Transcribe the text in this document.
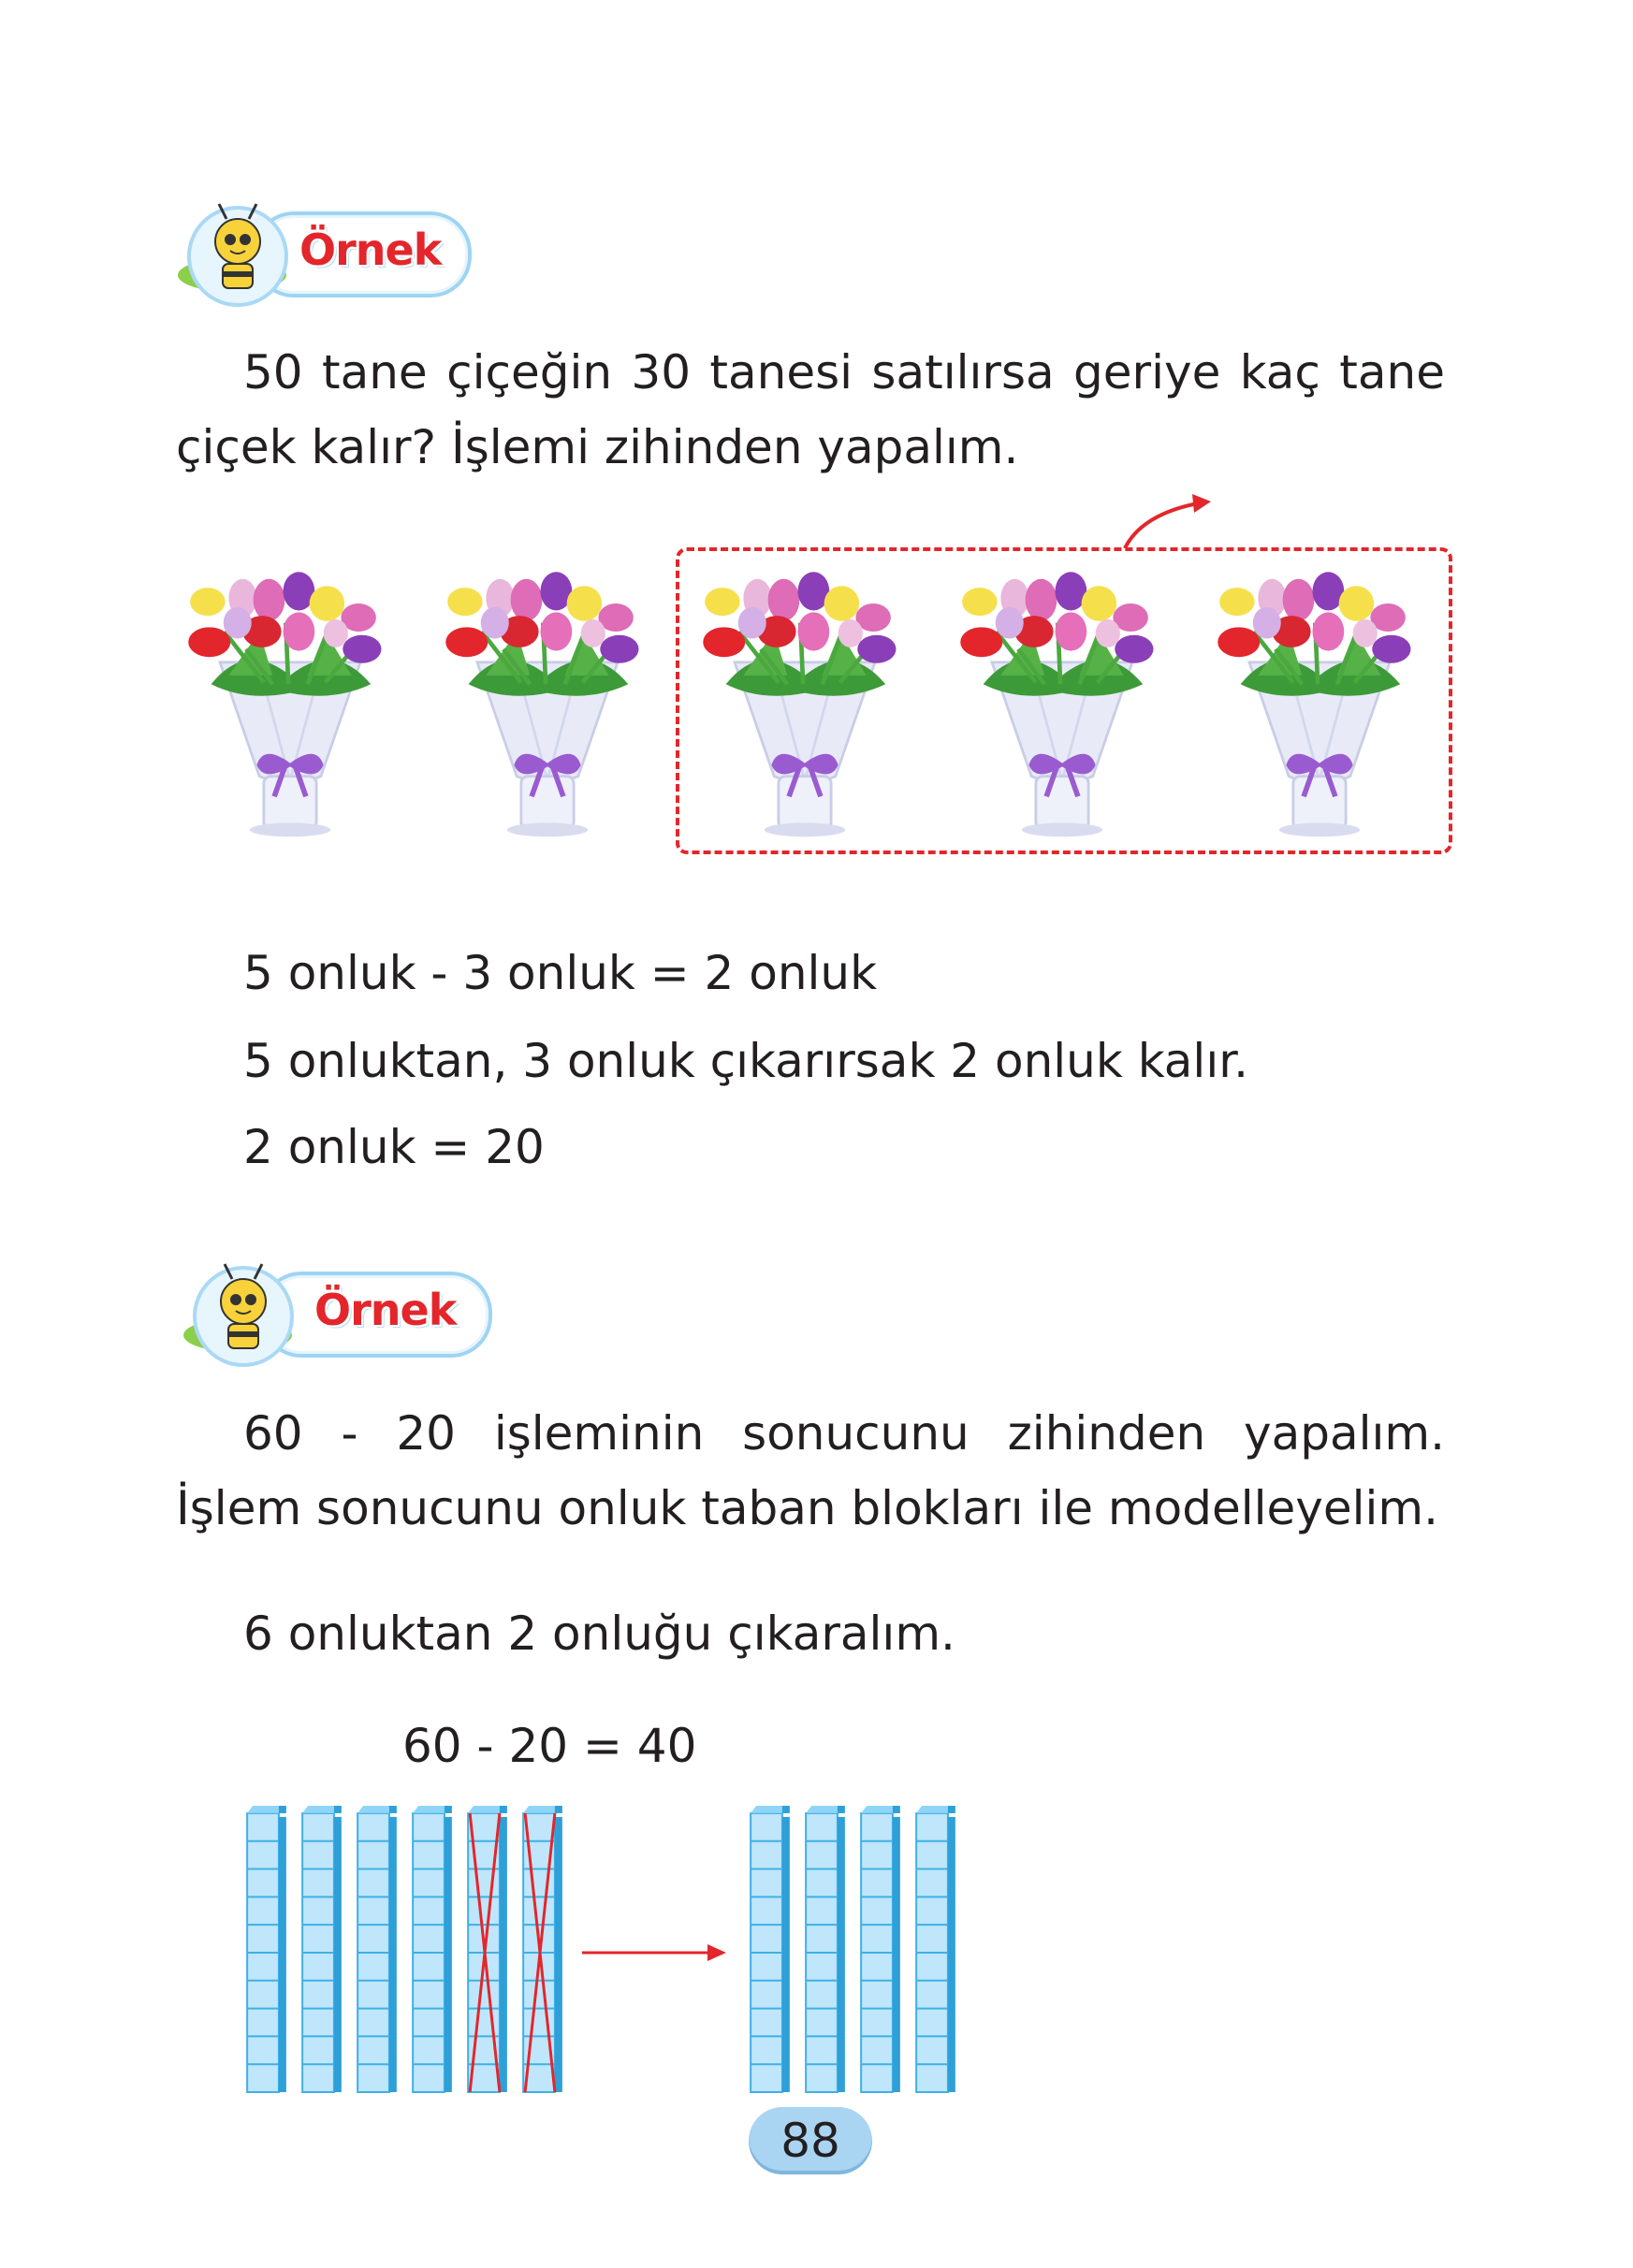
Örnek
50 tane çiçeğin 30 tanesi satılırsa geriye kaç tane çiçek kalır? İşlemi zihinden yapalım.
5 onluk - 3 onluk = 2 onluk
5 onluktan, 3 onluk çıkarırsak 2 onluk kalır.
2 onluk = 20
Örnek
60 - 20 işleminin sonucunu zihinden yapalım. İşlem sonucunu onluk taban blokları ile modelleyelim.
6 onluktan 2 onluğu çıkaralım.
60 - 20 = 40
88
